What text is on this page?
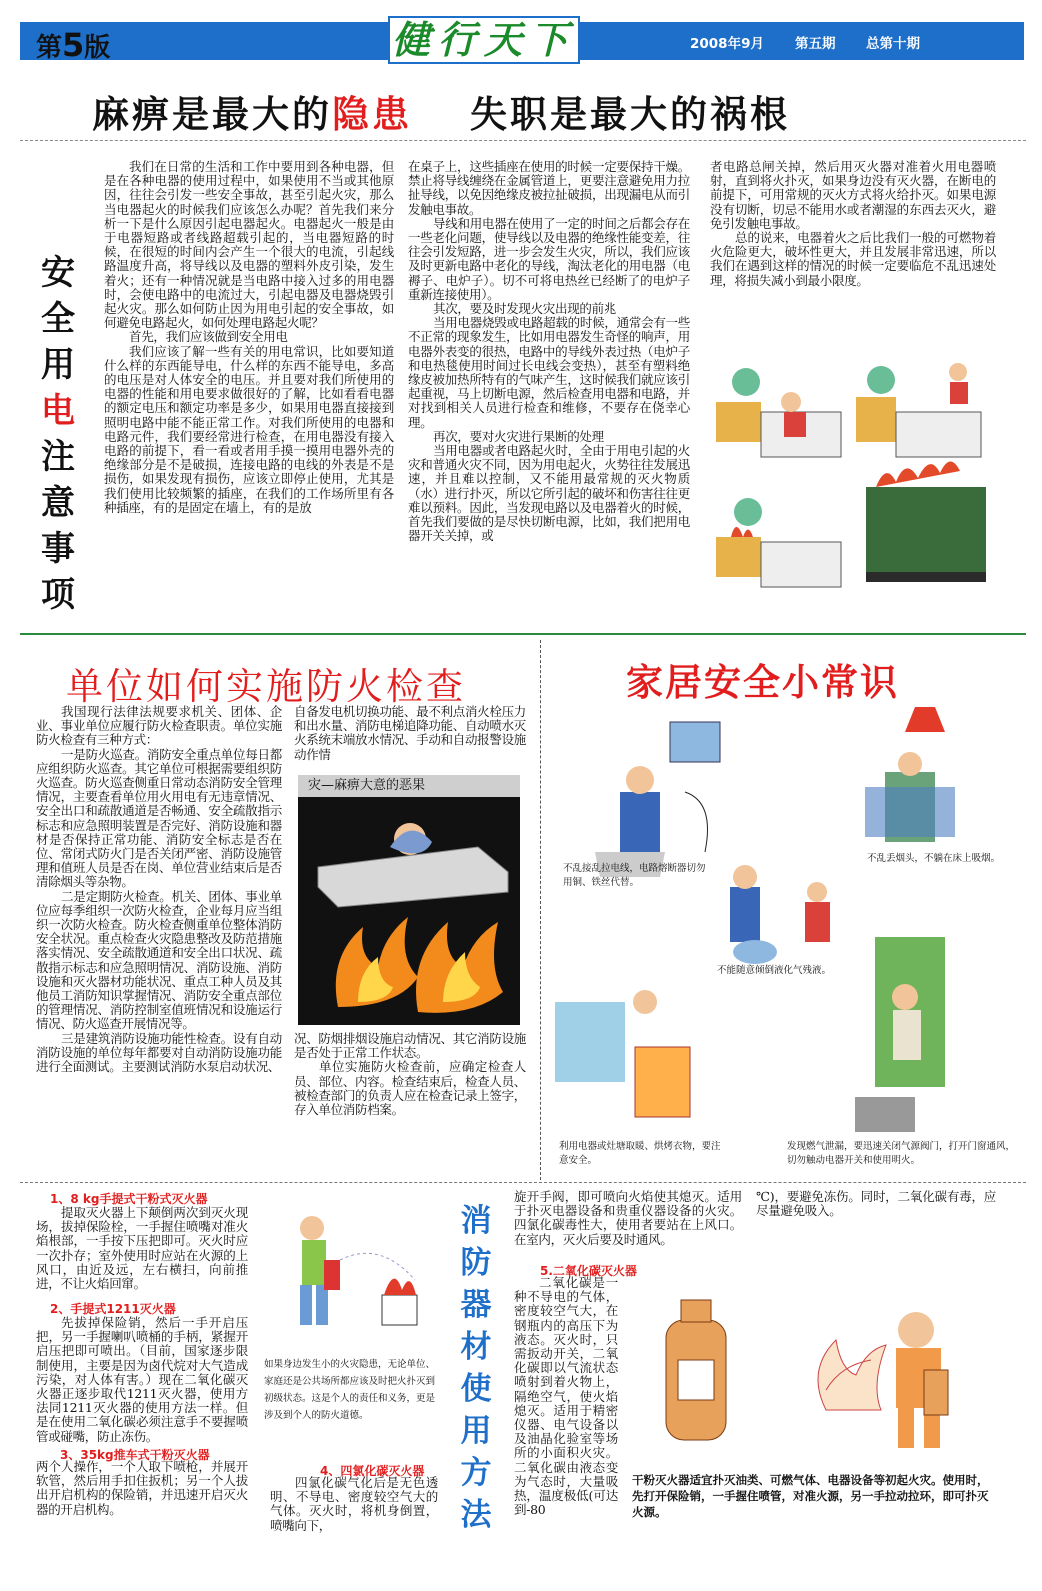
第5版	健行天下	2008年9月 第五期 总第十期
麻痹是最大的隐患 失职是最大的祸根
安
全
用
电
注
意
事
项

我们在日常的生活和工作中要用到各种电器，但是在各种电器的使用过程中，如果使用不当或其他原因，往往会引发一些安全事故，甚至引起火灾，那么当电器起火的时候我们应该怎么办呢？首先我们来分析一下是什么原因引起电器起火。电器起火一般是由于电器短路或者线路超载引起的，当电器短路的时候，在很短的时间内会产生一个很大的电流，引起线路温度升高，将导线以及电器的塑料外皮引染，发生着火；还有一种情况就是当电路中接入过多的用电器时，会使电路中的电流过大，引起电器及电器烧毁引起火灾。那么如何防止因为用电引起的安全事故，如何避免电路起火，如何处理电路起火呢？

首先，我们应该做到安全用电

我们应该了解一些有关的用电常识，比如要知道什么样的东西能导电，什么样的东西不能导电，多高的电压是对人体安全的电压。并且要对我们所使用的电器的性能和用电要求做很好的了解，比如看看电器的额定电压和额定功率是多少，如果用电器直接接到照明电路中能不能正常工作。对我们所使用的电器和电路元件，我们要经常进行检查，在用电器没有接入电路的前提下，看一看或者用手摸一摸用电器外壳的 绝缘部分是不是破损，连接电路的电线的外表是不是损伤，如果发现有损伤，应该立即停止使用，尤其是我们使用比较频繁的插座，在我们的工作场所里有各种插座，有的是固定在墙上，有的是放

在桌子上，这些插座在使用的时候一定要保持干燥。禁止将导线缠绕在金属管道上，更要注意避免用力拉扯导线，以免因绝缘皮被拉扯破损，出现漏电从而引发触电事故。

导线和用电器在使用了一定的时间之后都会存在一些老化问题，使导线以及电器的绝缘性能变差，往往会引发短路，进一步会发生火灾，所以，我们应该及时更新电路中老化的导线，淘汰老化的用电器（电褥子、电炉子）。切不可将电热丝已经断了的电炉子重新连接使用）。

其次，要及时发现火灾出现的前兆

当用电器烧毁或电路超载的时候，通常会有一些不正常的现象发生，比如用电器发生奇怪的响声，用电器外表变的很热，电路中的导线外表过热（电炉子和电热毯使用时间过长电线会变热），甚至有塑料绝缘皮被加热所特有的气味产生，这时候我们就应该引起重视，马上切断电源，然后检查用电器和电路，并对找到相关人员进行检查和维修，不要存在侥幸心理。

再次，要对火灾进行果断的处理

当用电器或者电路起火时，全由于用电引起的火灾和普通火灾不同，因为用电起火，火势往往发展迅速，并且难以控制，又不能用最常规的灭火物质（水）进行扑灭，所以它所引起的破坏和伤害往往更难以预料。因此，当发现电路以及电器着火的时候，首先我们要做的是尽快切断电源，比如，我们把用电器开关关掉，或

者电路总闸关掉，然后用灭火器对准着火用电器喷射，直到将火扑灭，如果身边没有灭火器，在断电的前提下，可用常规的灭火方式将火给扑灭。如果电源没有切断，切忌不能用水或者潮湿的东西去灭火，避免引发触电事故。

总的说来，电器着火之后比我们一般的可燃物着火危险更大，破坏性更大，并且发展非常迅速，所以我们在遇到这样的情况的时候一定要临危不乱迅速处理，将损失减小到最小限度。

单位如何实施防火检查

我国现行法律法规要求机关、团体、企业、事业单位应履行防火检查职责。单位实施防火检查有三种方式：

一是防火巡查。消防安全重点单位每日都应组织防火巡查。其它单位可根据需要组织防火巡查。防火巡查侧重日常动态消防安全管理情况，主要查看单位用火用电有无违章情况、安全出口和疏散通道是否畅通、安全疏散指示标志和应急照明装置是否完好、消防设施和器材是否保持正常功能、消防安全标志是否在位、常闭式防火门是否关闭严密、消防设施管理和值班人员是否在岗、单位营业结束后是否清除烟头等杂物。

二是定期防火检查。机关、团体、事业单位应每季组织一次防火检查，企业每月应当组织一次防火检查。防火检查侧重单位整体消防安全状况。重点检查火灾隐患整改及防范措施落实情况、安全疏散通道和安全出口状况、疏散指示标志和应急照明情况、消防设施、消防设施和灭火器材功能状况、重点工种人员及其他员工消防知识掌握情况、消防安全重点部位的管理情况、消防控制室值班情况和设施运行情况、防火巡查开展情况等。

三是建筑消防设施功能性检查。设有自动消防设施的单位每年都要对自动消防设施功能进行全面测试。主要测试消防水泵启动状况、

自备发电机切换功能、最不利点消火栓压力和出水量、消防电梯追降功能、自动喷水灭火系统末端放水情况、手动和自动报警设施动作情

灾—麻痹大意的恶果

况、防烟排烟设施启动情况、其它消防设施是否处于正常工作状态。

单位实施防火检查前，应确定检查人员、部位、内容。检查结束后，检查人员、被检查部门的负责人应在检查记录上签字，存入单位消防档案。

家居安全小常识
不乱接乱拉电线，电路熔断器切勿用铜、铁丝代替。
不乱丢烟头，不躺在床上吸烟。
不能随意倾倒液化气残液。
利用电器或灶塘取暖、烘烤衣物，要注意安全。
发现燃气泄漏，要迅速关闭气源阀门，打开门窗通风，切勿触动电器开关和使用明火。
1、8 kg手提式干粉式灭火器

提取灭火器上下颠倒两次到灭火现场，拔掉保险栓，一手握住喷嘴对准火焰根部，一手按下压把即可。灭火时应一次扑存；室外使用时应站在火源的上风口，由近及远，左右横扫，向前推进，不让火焰回窜。

2、手提式1211灭火器

先拔掉保险销，然后一手开启压把，另一手握喇叭喷桶的手柄，紧握开启压把即可喷出。（目前，国家逐步限制使用，主要是因为卤代烷对大气造成污染，对人体有害。）现在二氧化碳灭火器正逐步取代1211灭火器，使用方法同1211灭火器的使用方法一样。但是在使用二氧化碳必须注意手不要握喷管或碰嘴，防止冻伤。

3、35kg推车式干粉灭火器

两个人操作，一个人取下喷枪，并展开软管，然后用手扣住扳机；另一个人拔出开启机构的保险销，并迅速开启灭火器的开启机构。

如果身边发生小的火灾隐患，无论单位、家庭还是公共场所都应该及时把火扑灭到初级状态。这是个人的责任和义务，更是涉及到个人的防火道德。
4、四氯化碳灭火器

四氯化碳气化后是无色透明、不导电、密度较空气大的气体。灭火时，将机身倒置，喷嘴向下，

消
防
器
材
使
用
方
法

旋开手阀，即可喷向火焰使其熄灭。适用于扑灭电器设备和贵重仪器设备的火灾。四氯化碳毒性大，使用者要站在上风口。在室内，灭火后要及时通风。

5.二氧化碳灭火器

二氧化碳是一种不导电的气体，密度较空气大，在钢瓶内的高压下为液态。灭火时，只需扳动开关，二氧化碳即以气流状态喷射到着火物上，隔绝空气，使火焰熄灭。适用于精密仪器、电气设备以及油晶化验室等场所的小面积火灾。二氧化碳由液态变为气态时，大量吸热，温度极低(可达到-80

℃)，要避免冻伤。同时，二氧化碳有毒，应尽量避免吸入。

干粉灭火器适宜扑灭油类、可燃气体、电器设备等初起火灾。使用时，先打开保险销，一手握住喷管，对准火源，另一手拉动拉环，即可扑灭火源。
